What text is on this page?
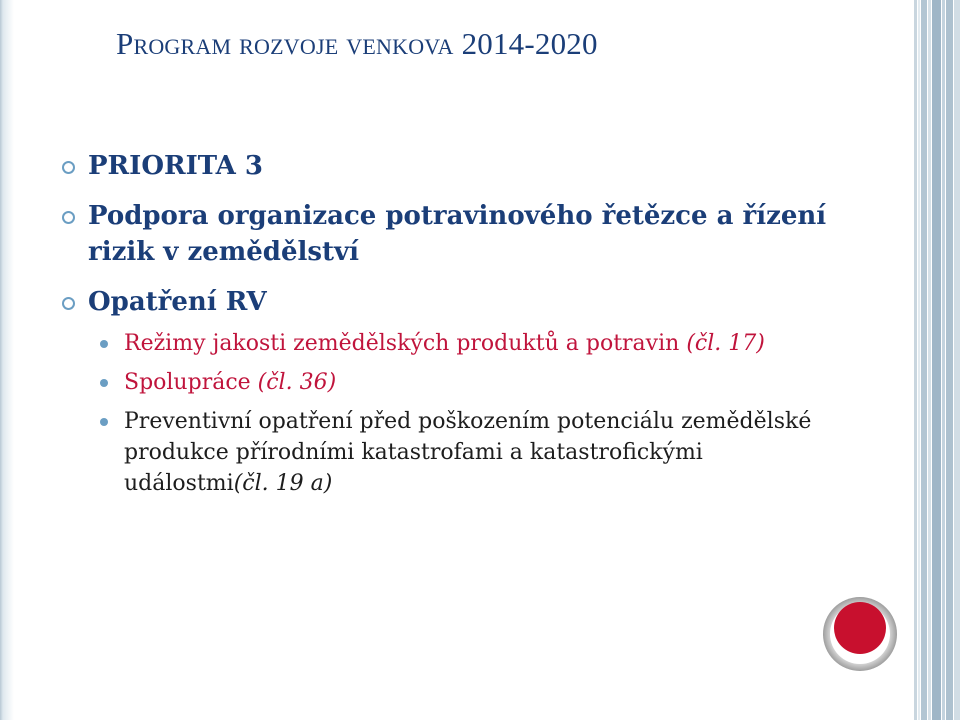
Program rozvoje venkova 2014-2020
PRIORITA 3
Podpora organizace potravinového řetězce a řízení rizik v zemědělství
Opatření RV
Režimy jakosti zemědělských produktů a potravin (čl. 17)
Spolupráce (čl. 36)
Preventivní opatření před poškozením potenciálu zemědělské produkce přírodními katastrofami a katastrofickými událostmi(čl. 19 a)
